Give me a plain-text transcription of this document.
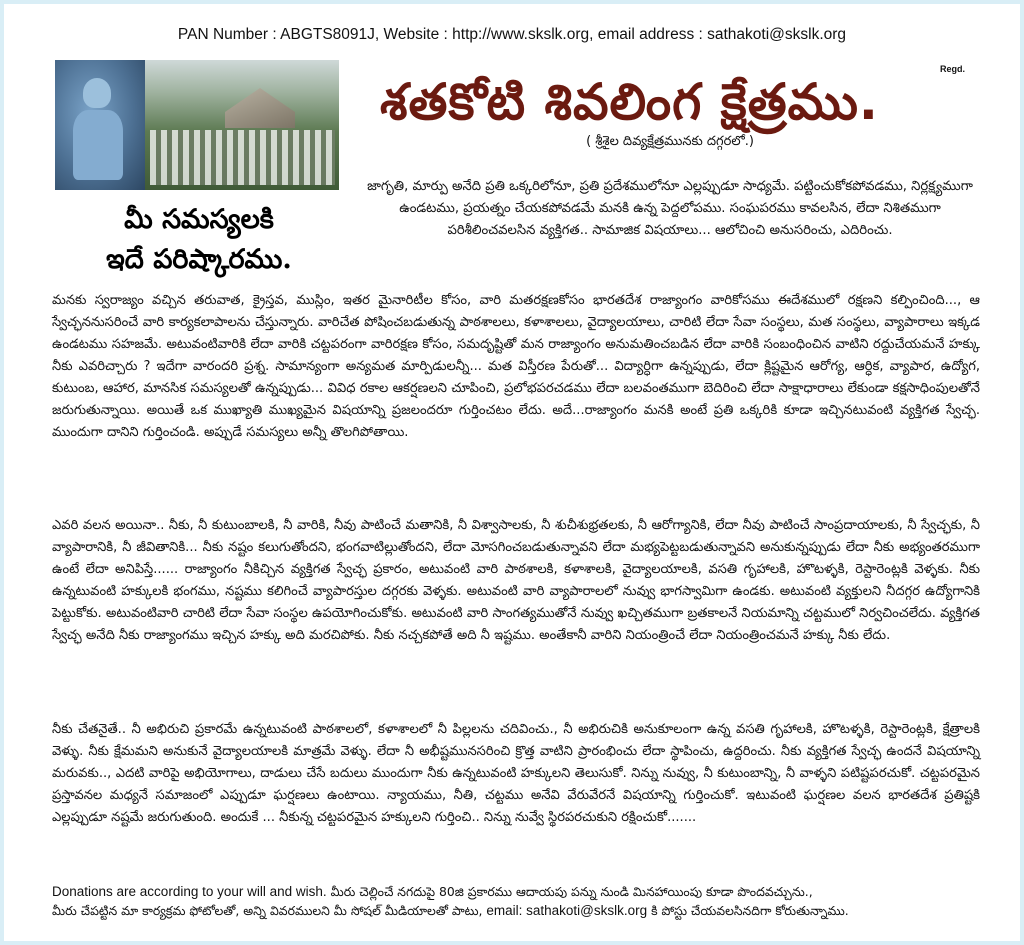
PAN Number : ABGTS8091J, Website : http://www.skslk.org, email address : sathakoti@skslk.org
మీ సమస్యలకి
ఇదే పరిష్కారము.
శతకోటి శివలింగ క్షేత్రము.
Regd.
( శ్రీశైల దివ్యక్షేత్రమునకు దగ్గరలో.)
జాగృతి, మార్పు అనేది ప్రతి ఒక్కరిలోనూ, ప్రతి ప్రదేశములోనూ ఎల్లప్పుడూ సాధ్యమే. పట్టించుకోకపోవడము, నిర్లక్ష్యముగా ఉండటము, ప్రయత్నం చేయకపోవడమే మనకి ఉన్న పెద్దలోపము. సంఘపరము కావలసిన, లేదా నిశితముగా పరిశీలించవలసిన వ్యక్తిగత.. సామాజిక విషయాలు... ఆలోచించి అనుసరించు, ఎదిరించు.
మనకు స్వరాజ్యం వచ్చిన తరువాత, క్రైస్తవ, ముస్లిం, ఇతర మైనారిటీల కోసం, వారి మతరక్షణకోసం భారతదేశ రాజ్యాంగం వారికోసము ఈదేశములో రక్షణని కల్పించింది..., ఆ స్వేచ్ఛననుసరించే వారి కార్యకలాపాలను చేస్తున్నారు. వారిచేత పోషించబడుతున్న పాఠశాలలు, కళాశాలలు, వైద్యాలయాలు, చారిటి లేదా సేవా సంస్థలు, మత సంస్థలు, వ్యాపారాలు ఇక్కడ ఉండటము సహజమే. అటువంటివారికి లేదా వారికి చట్టపరంగా వారిరక్షణ కోసం, సమదృష్టితో మన రాజ్యాంగం అనుమతించబడిన లేదా వారికి సంబంధించిన వాటిని రద్దుచేయమనే హక్కు నీకు ఎవరిచ్చారు ? ఇదేగా వారందరి ప్రశ్న. సామాన్యంగా అన్యమత మార్పిడులన్నీ... మత విస్తీరణ పేరుతో... విద్యార్ధిగా ఉన్నప్పుడు, లేదా క్లిష్టమైన ఆరోగ్య, ఆర్ధిక, వ్యాపార, ఉద్యోగ, కుటుంబ, ఆహార, మానసిక సమస్యలతో ఉన్నప్పుడు... వివిధ రకాల ఆకర్షణలని చూపించి, ప్రలోభపరచడము లేదా బలవంతముగా బెదిరించి లేదా సాక్షాధారాలు లేకుండా కక్షసాధింపులతోనే జరుగుతున్నాయి. అయితే ఒక ముఖ్యాతి ముఖ్యమైన విషయాన్ని ప్రజలందరూ గుర్తించటం లేదు. అదే...రాజ్యాంగం మనకి అంటే ప్రతి ఒక్కరికి కూడా ఇచ్చినటువంటి వ్యక్తిగత స్వేచ్ఛ. ముందుగా దానిని గుర్తించండి. అప్పుడే సమస్యలు అన్నీ తొలగిపోతాయి.
ఎవరి వలన అయినా.. నీకు, నీ కుటుంబాలకి, నీ వారికి, నీవు పాటించే మతానికి, నీ విశ్వాసాలకు, నీ శుచీశుభ్రతలకు, నీ ఆరోగ్యానికి, లేదా నీవు పాటించే సాంప్రదాయాలకు, నీ స్వేచ్ఛకు, నీ వ్యాపారానికి, నీ జీవితానికి... నీకు నష్టం కలుగుతోందని, భంగవాటిల్లుతోందని, లేదా మోసగించబడుతున్నావని లేదా మభ్యపెట్టబడుతున్నావని అనుకున్నప్పుడు లేదా నీకు అభ్యంతరముగా ఉంటే లేదా అనిపిస్తే...... రాజ్యాంగం నీకిచ్చిన వ్యక్తిగత స్వేచ్ఛ ప్రకారం, అటువంటి వారి పాఠశాలకి, కళాశాలకి, వైద్యాలయాలకి, వసతి గృహాలకి, హొటళ్ళకి, రెస్టారెంట్లకి వెళ్ళకు. నీకు ఉన్నటువంటి హక్కులకి భంగము, నష్టము కలిగించే వ్యాపారస్తుల దగ్గరకు వెళ్ళకు. అటువంటి వారి వ్యాపారాలలో నువ్వు భాగస్వామిగా ఉండకు. అటువంటి వ్యక్తులని నీదగ్గర ఉద్యోగానికి పెట్టుకోకు. అటువంటివారి చారిటి లేదా సేవా సంస్థల ఉపయోగించుకోకు. అటువంటి వారి సాంగత్యముతోనే నువ్వు ఖచ్చితముగా బ్రతకాలనే నియమాన్ని చట్టములో నిర్వచించలేదు. వ్యక్తిగత స్వేచ్ఛ అనేది నీకు రాజ్యాంగము ఇచ్చిన హక్కు అది మరచిపోకు. నీకు నచ్చకపోతే అది నీ ఇష్టము. అంతేకానీ వారిని నియంత్రించే లేదా నియంత్రించమనే హక్కు నీకు లేదు.
నీకు చేతనైతే.. నీ అభిరుచి ప్రకారమే ఉన్నటువంటి పాఠశాలలో, కళాశాలలో నీ పిల్లలను చదివించు., నీ అభిరుచికి అనుకూలంగా ఉన్న వసతి గృహాలకి, హొటళ్ళకి, రెస్టారెంట్లకి, క్షేత్రాలకి వెళ్ళు. నీకు క్షేమమని అనుకునే వైద్యాలయాలకి మాత్రమే వెళ్ళు. లేదా నీ అభీష్టమునసరించి క్రొత్త వాటిని ప్రారంభించు లేదా స్థాపించు, ఉద్దరించు. నీకు వ్యక్తిగత స్వేచ్ఛ ఉందనే విషయాన్ని మరువకు.., ఎదటి వారిపై అభియోగాలు, దాడులు చేసే బదులు ముందుగా నీకు ఉన్నటువంటి హక్కులని తెలుసుకో. నిన్ను నువ్వు, నీ కుటుంబాన్ని, నీ వాళ్ళని పటిష్టపరచుకో. చట్టపరమైన ప్రస్తావనల మధ్యనే సమాజంలో ఎప్పుడూ ఘర్షణలు ఉంటాయి. న్యాయము, నీతి, చట్టము అనేవి వేరువేరనే విషయాన్ని గుర్తించుకో. ఇటువంటి ఘర్షణల వలన భారతదేశ ప్రతిష్టకి ఎల్లప్పుడూ నష్టమే జరుగుతుంది. అందుకే ... నీకున్న చట్టపరమైన హక్కులని గుర్తించి.. నిన్ను నువ్వే స్థిరపరచుకుని రక్షించుకో.......
Donations are according to your will and wish. మీరు చెల్లించే నగదుపై 80జి ప్రకారము ఆదాయపు పన్ను నుండి మినహాయింపు కూడా పొందవచ్చును.,
మీరు చేపట్టిన మా కార్యక్రమ ఫోటోలతో, అన్ని వివరములని మీ సోషల్ మీడియాలతో పాటు, email: sathakoti@skslk.org కి పోస్టు చేయవలసినదిగా కోరుతున్నాము.
